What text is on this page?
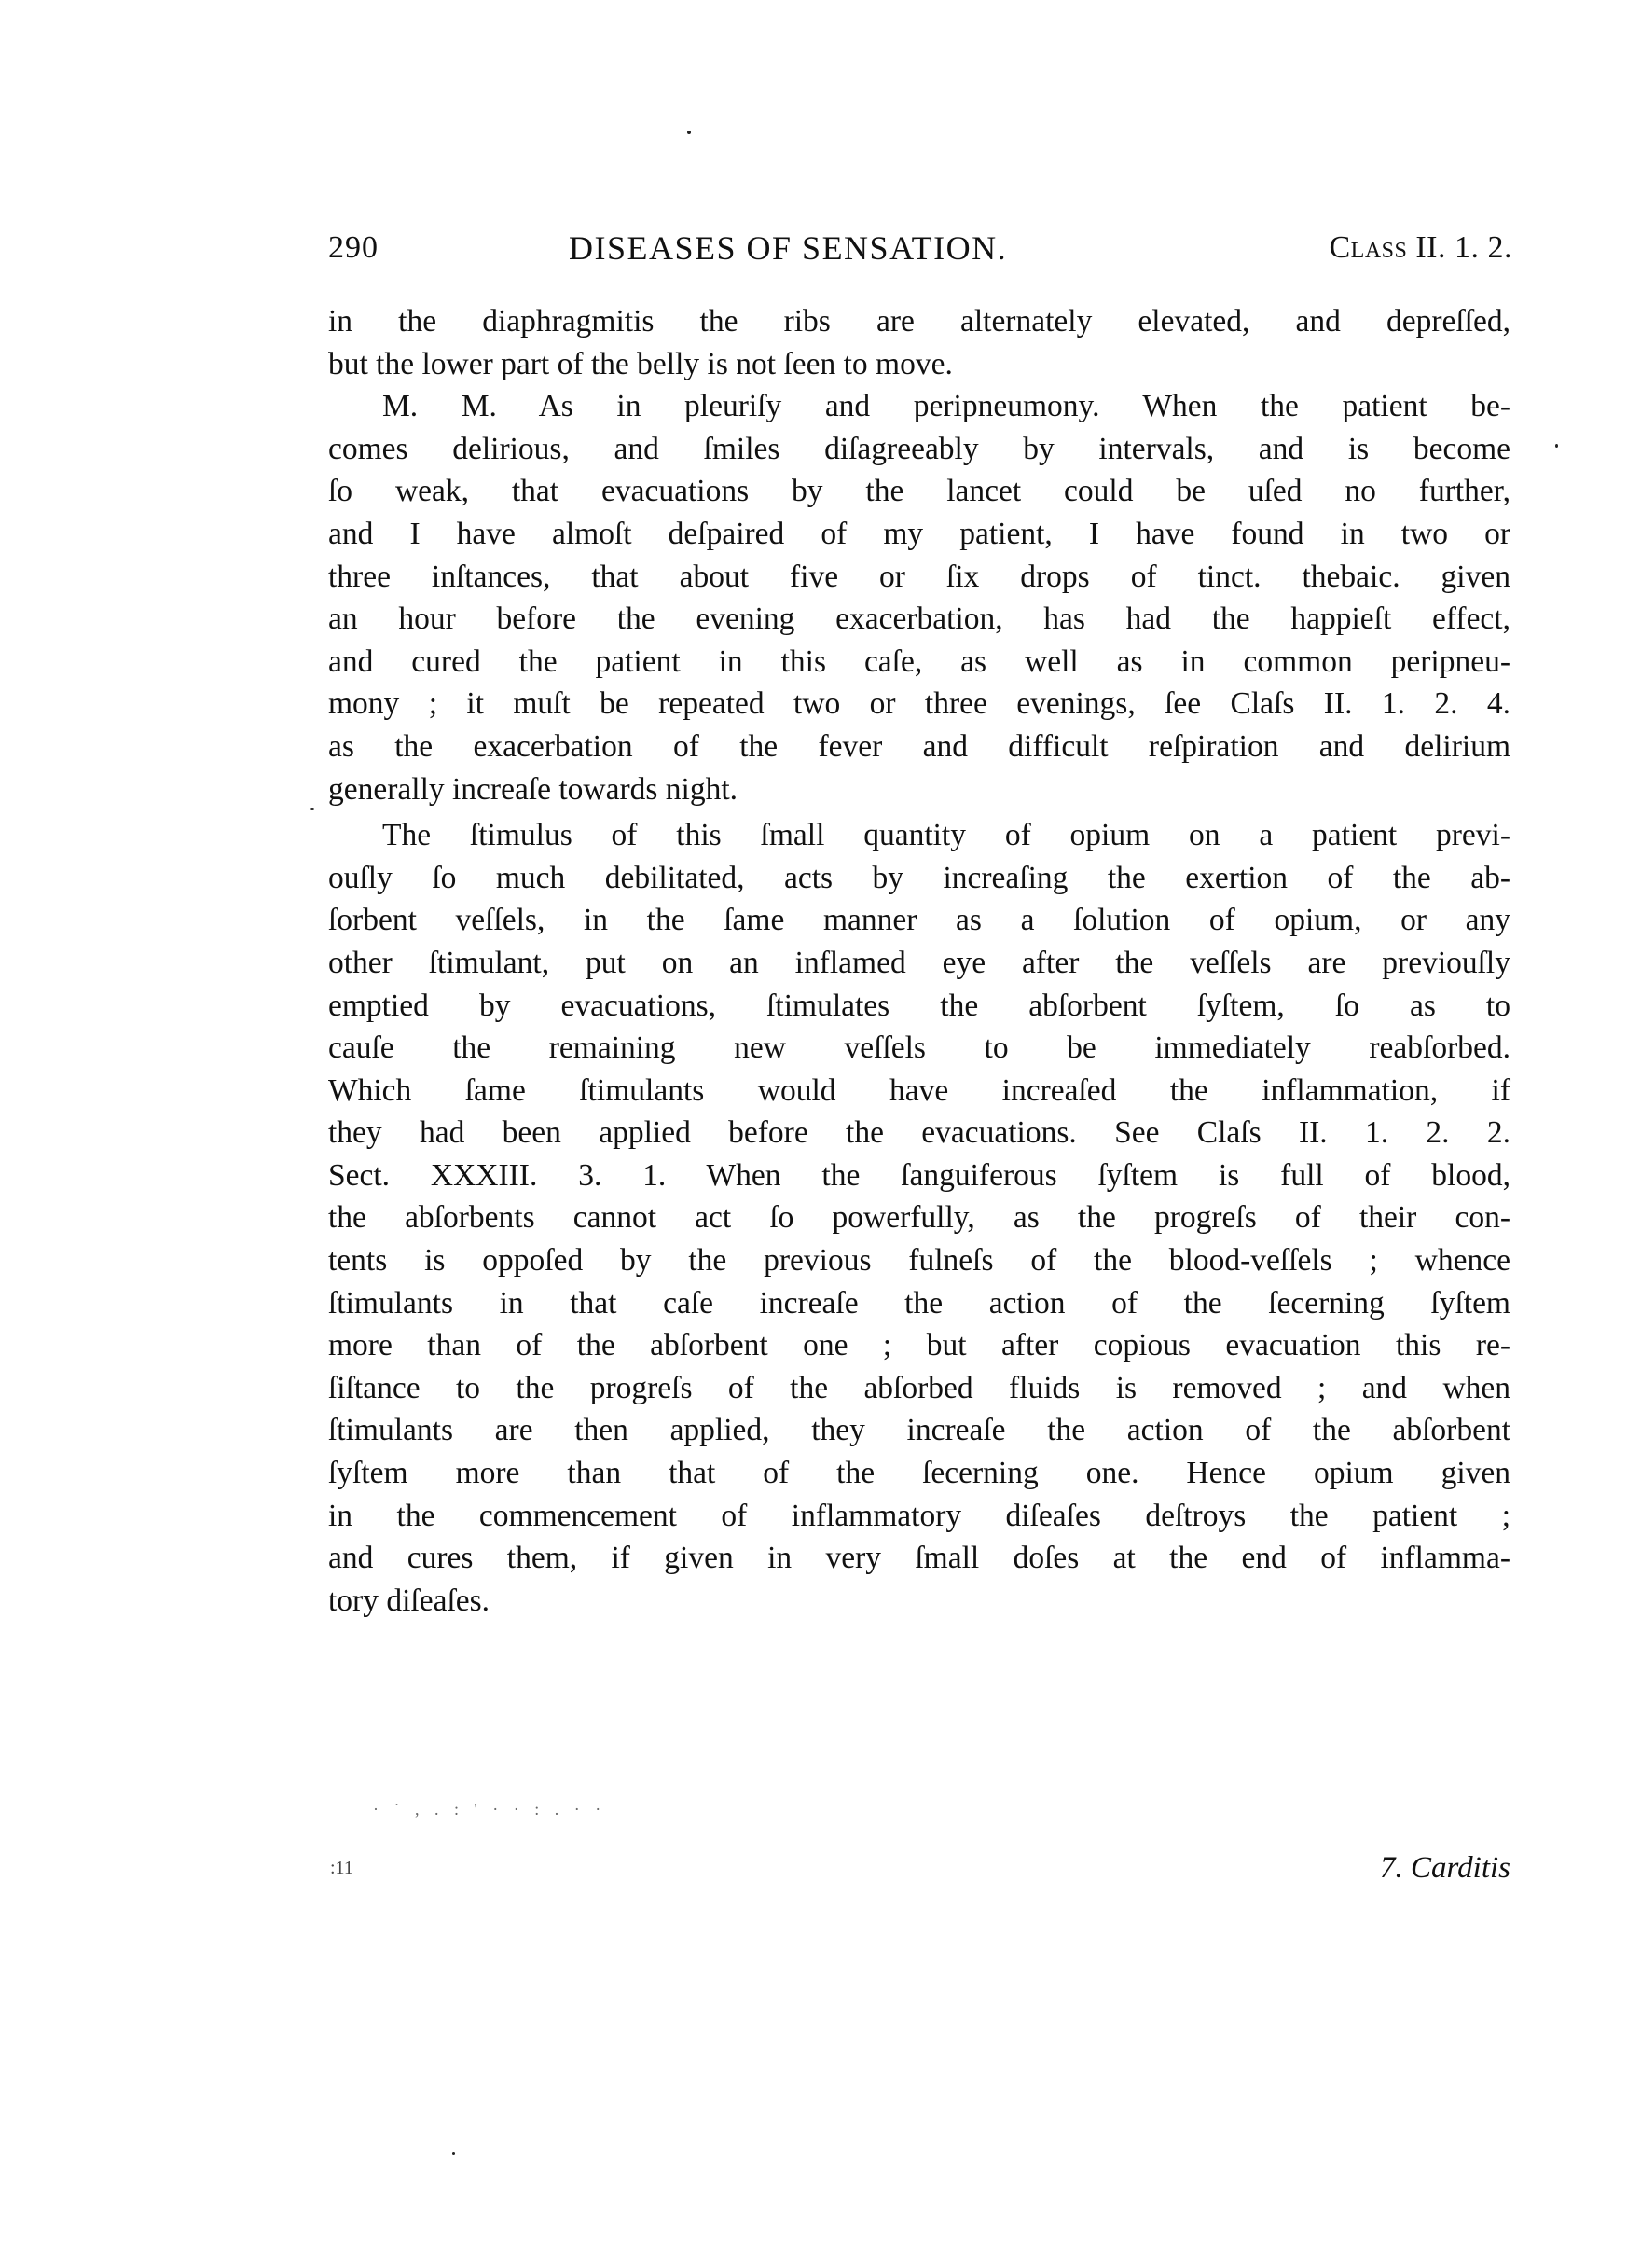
290	DISEASES OF SENSATION.	Class II. 1. 2.
in the diaphragmitis the ribs are alternately elevated, and depreſſed,
but the lower part of the belly is not ſeen to move.
M. M. As in pleuriſy and peripneumony. When the patient be-
comes delirious, and ſmiles diſagreeably by intervals, and is become
ſo weak, that evacuations by the lancet could be uſed no further,
and I have almoſt deſpaired of my patient, I have found in two or
three inſtances, that about five or ſix drops of tinct. thebaic. given
an hour before the evening exacerbation, has had the happieſt effect,
and cured the patient in this caſe, as well as in common peripneu-
mony ; it muſt be repeated two or three evenings, ſee Claſs II. 1. 2. 4.
as the exacerbation of the fever and difficult reſpiration and delirium
generally increaſe towards night.
The ſtimulus of this ſmall quantity of opium on a patient previ-
ouſly ſo much debilitated, acts by increaſing the exertion of the ab-
ſorbent veſſels, in the ſame manner as a ſolution of opium, or any
other ſtimulant, put on an inflamed eye after the veſſels are previouſly
emptied by evacuations, ſtimulates the abſorbent ſyſtem, ſo as to
cauſe the remaining new veſſels to be immediately reabſorbed.
Which ſame ſtimulants would have increaſed the inflammation, if
they had been applied before the evacuations. See Claſs II. 1. 2. 2.
Sect. XXXIII. 3. 1. When the ſanguiferous ſyſtem is full of blood,
the abſorbents cannot act ſo powerfully, as the progreſs of their con-
tents is oppoſed by the previous fulneſs of the blood-veſſels ; whence
ſtimulants in that caſe increaſe the action of the ſecerning ſyſtem
more than of the abſorbent one ; but after copious evacuation this re-
ſiſtance to the progreſs of the abſorbed fluids is removed ; and when
ſtimulants are then applied, they increaſe the action of the abſorbent
ſyſtem more than that of the ſecerning one. Hence opium given
in the commencement of inflammatory diſeaſes deſtroys the patient ;
and cures them, if given in very ſmall doſes at the end of inflamma-
tory diſeaſes.
· ˙ , . : ' · · : . · ·
:11	7. Carditis
